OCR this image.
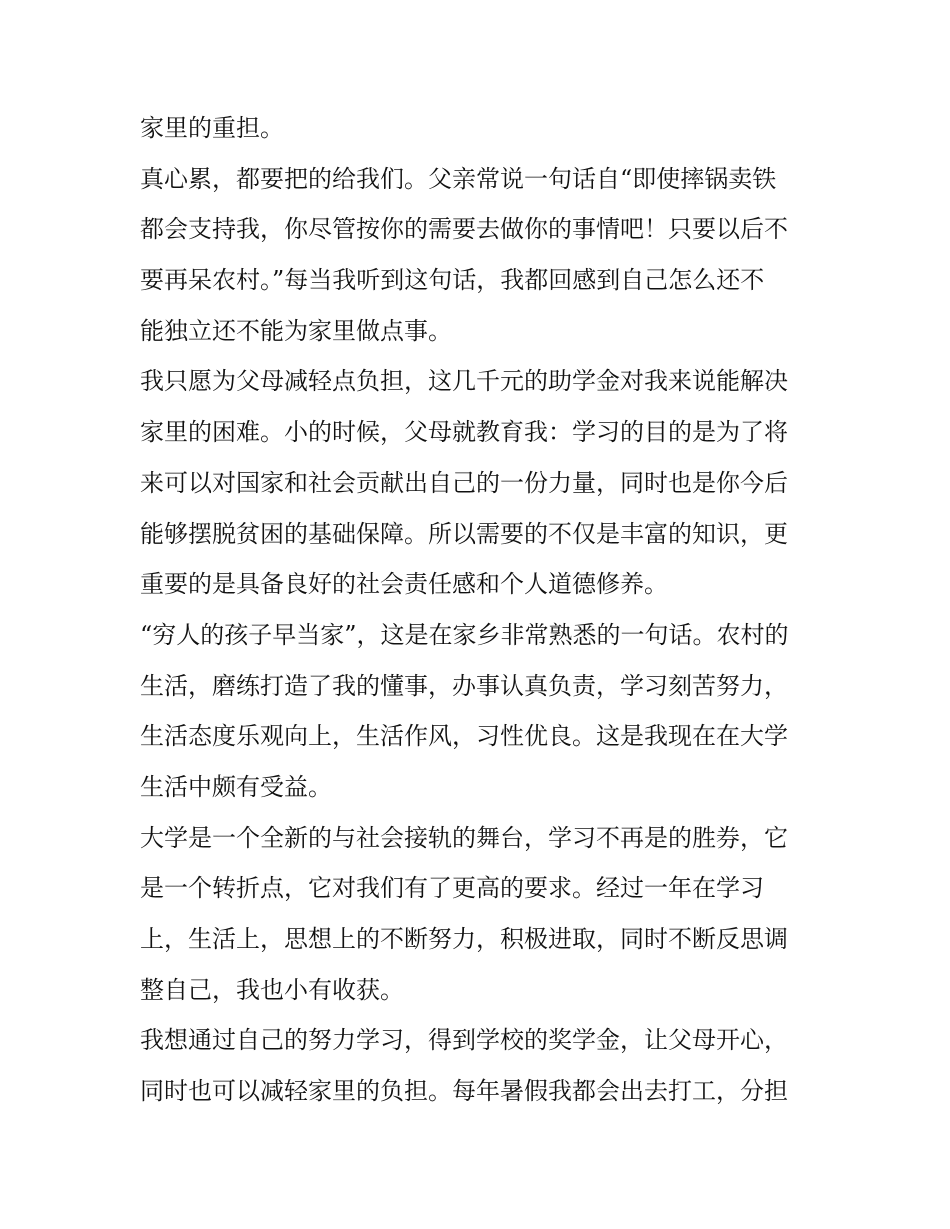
家里的重担。
真心累，都要把的给我们。父亲常说一句话自“即使摔锅卖铁
都会支持我，你尽管按你的需要去做你的事情吧！只要以后不
要再呆农村。”每当我听到这句话，我都回感到自己怎么还不
能独立还不能为家里做点事。
我只愿为父母减轻点负担，这几千元的助学金对我来说能解决
家里的困难。小的时候，父母就教育我：学习的目的是为了将
来可以对国家和社会贡献出自己的一份力量，同时也是你今后
能够摆脱贫困的基础保障。所以需要的不仅是丰富的知识，更
重要的是具备良好的社会责任感和个人道德修养。
“穷人的孩子早当家”，这是在家乡非常熟悉的一句话。农村的
生活，磨练打造了我的懂事，办事认真负责，学习刻苦努力，
生活态度乐观向上，生活作风，习性优良。这是我现在在大学
生活中颇有受益。
大学是一个全新的与社会接轨的舞台，学习不再是的胜券，它
是一个转折点，它对我们有了更高的要求。经过一年在学习
上，生活上，思想上的不断努力，积极进取，同时不断反思调
整自己，我也小有收获。
我想通过自己的努力学习，得到学校的奖学金，让父母开心，
同时也可以减轻家里的负担。每年暑假我都会出去打工，分担
